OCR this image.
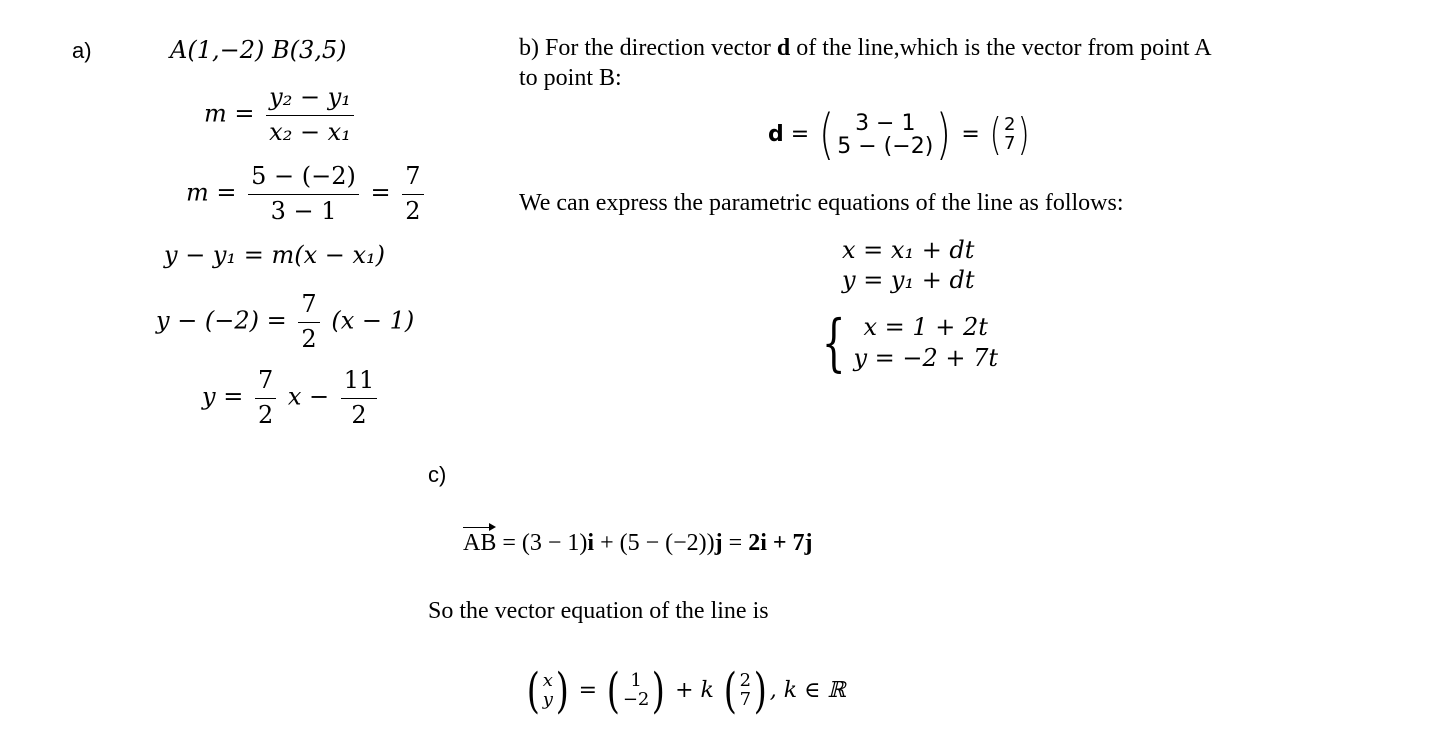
a)	A(1,−2) B(3,5)
$m = \frac{\text{y₂ − y₁}}{\text{x₂ − x₁}}$
$m = \frac{5 - (-2)}{3 - 1} = \frac{7}{2}$
y − y₁ = m(x − x₁)
$y - (-2) = \frac{7}{2} (x - 1)$
$y = \frac{7}{2}$ $x - \frac{11}{2}$
b) For the direction vector d of the line,which is the vector from point A
to point B:
d = ( 3 − 1
5 − (−2) ) = ( 2
7 )
We can express the parametric equations of the line as follows:
x = x₁ + dt
y = y₁ + dt
{ x = 1 + 2t
y = −2 + 7t
c)
AB = (3 − 1)i + (5 − (−2))j = 2i + 7j
So the vector equation of the line is
( x
y ) = ( 1
−2 ) + k ( 2
7 ) , k ∈ ℝ
